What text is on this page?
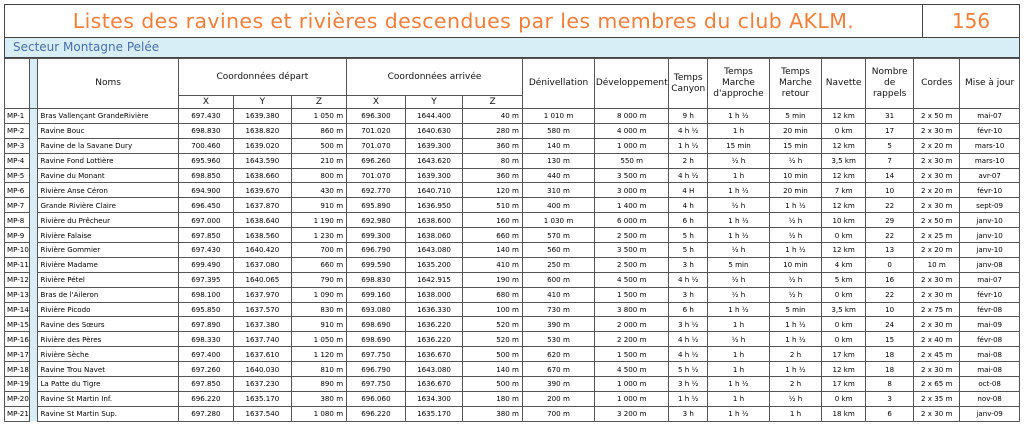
Listes des ravines et rivières descendues par les membres du club AKLM.	156
Secteur Montagne Pelée
		Noms	Coordonnées départ			Coordonnées arrivée			Dénivellation	Développement	Temps Canyon	Temps Marche d'approche	Temps Marche retour	Navette	Nombre de rappels	Cordes	Mise à jour
			X	Y	Z	X	Y	Z									
MP-1		Bras Vallençant GrandeRivière	697.430	1639.380	1 050 m	696.300	1644.400	40 m	1 010 m	8 000 m	9 h	1 h ½	5 min	12 km	31	2 x 50 m	mai-07
MP-2		Ravine Bouc	698.830	1638.820	860 m	701.020	1640.630	280 m	580 m	4 000 m	4 h ½	1 h	20 min	0 km	17	2 x 30 m	févr-10
MP-3		Ravine de la Savane Dury	700.460	1639.020	500 m	701.070	1639.300	360 m	140 m	1 000 m	1 h ½	15 min	15 min	12 km	5	2 x 20 m	mars-10
MP-4		Ravine Fond Lottière	695.960	1643.590	210 m	696.260	1643.620	80 m	130 m	550 m	2 h	½ h	½ h	3,5 km	7	2 x 30 m	mars-10
MP-5		Ravine du Monant	698.850	1638.660	800 m	701.070	1639.300	360 m	440 m	3 500 m	4 h ½	1 h	10 min	12 km	14	2 x 30 m	avr-07
MP-6		Rivière Anse Céron	694.900	1639.670	430 m	692.770	1640.710	120 m	310 m	3 000 m	4 H	1 h ½	20 min	7 km	10	2 x 20 m	févr-10
MP-7		Grande Rivière Claire	696.450	1637.870	910 m	695.890	1636.950	510 m	400 m	1 400 m	4 h	½ h	1 h ½	12 km	22	2 x 30 m	sept-09
MP-8		Rivière du Prêcheur	697.000	1638.640	1 190 m	692.980	1638.600	160 m	1 030 m	6 000 m	6 h	1 h ½	½ h	10 km	29	2 x 50 m	janv-10
MP-9		Rivière Falaise	697.850	1638.560	1 230 m	699.300	1638.060	660 m	570 m	2 500 m	5 h	1 h ½	½ h	0 km	22	2 x 25 m	janv-10
MP-10		Rivière Gommier	697.430	1640.420	700 m	696.790	1643.080	140 m	560 m	3 500 m	5 h	½ h	1 h ½	12 km	13	2 x 20 m	janv-10
MP-11		Rivière Madame	699.490	1637.080	660 m	699.590	1635.200	410 m	250 m	2 500 m	3 h	5 min	10 min	4 km	0	10 m	janv-08
MP-12		Rivière Pétel	697.395	1640.065	790 m	698.830	1642.915	190 m	600 m	4 500 m	4 h ½	½ h	½ h	5 km	16	2 x 30 m	mai-07
MP-13		Bras de l'Aileron	698.100	1637.970	1 090 m	699.160	1638.000	680 m	410 m	1 500 m	3 h	½ h	½ h	0 km	22	2 x 30 m	févr-10
MP-14		Rivière Picodo	695.850	1637.570	830 m	693.080	1636.330	100 m	730 m	3 800 m	6 h	1 h ½	5 min	3,5 km	10	2 x 75 m	févr-08
MP-15		Ravine des Sœurs	697.890	1637.380	910 m	698.690	1636.220	520 m	390 m	2 000 m	3 h ½	1 h	1 h ½	0 km	24	2 x 30 m	mai-09
MP-16		Rivière des Pères	698.330	1637.740	1 050 m	698.690	1636.220	520 m	530 m	2 200 m	4 h ½	½ h	1 h ½	0 km	15	2 x 40 m	févr-08
MP-17		Rivière Sèche	697.400	1637.610	1 120 m	697.750	1636.670	500 m	620 m	1 500 m	4 h ½	1 h	2 h	17 km	18	2 x 45 m	mai-08
MP-18		Ravine Trou Navet	697.260	1640.030	810 m	696.790	1643.080	140 m	670 m	4 500 m	5 h ½	1 h	1 h ½	12 km	18	2 x 30 m	mai-08
MP-19		La Patte du Tigre	697.850	1637.230	890 m	697.750	1636.670	500 m	390 m	1 000 m	3 h ½	1 h ½	2 h	17 km	8	2 x 65 m	oct-08
MP-20		Ravine St Martin Inf.	696.220	1635.170	380 m	696.060	1634.300	180 m	200 m	1 000 m	1 h ½	1 h	½ h	0 km	3	2 x 35 m	nov-08
MP-21		Ravine St Martin Sup.	697.280	1637.540	1 080 m	696.220	1635.170	380 m	700 m	3 200 m	3 h	1 h ½	1 h	18 km	6	2 x 30 m	janv-09
